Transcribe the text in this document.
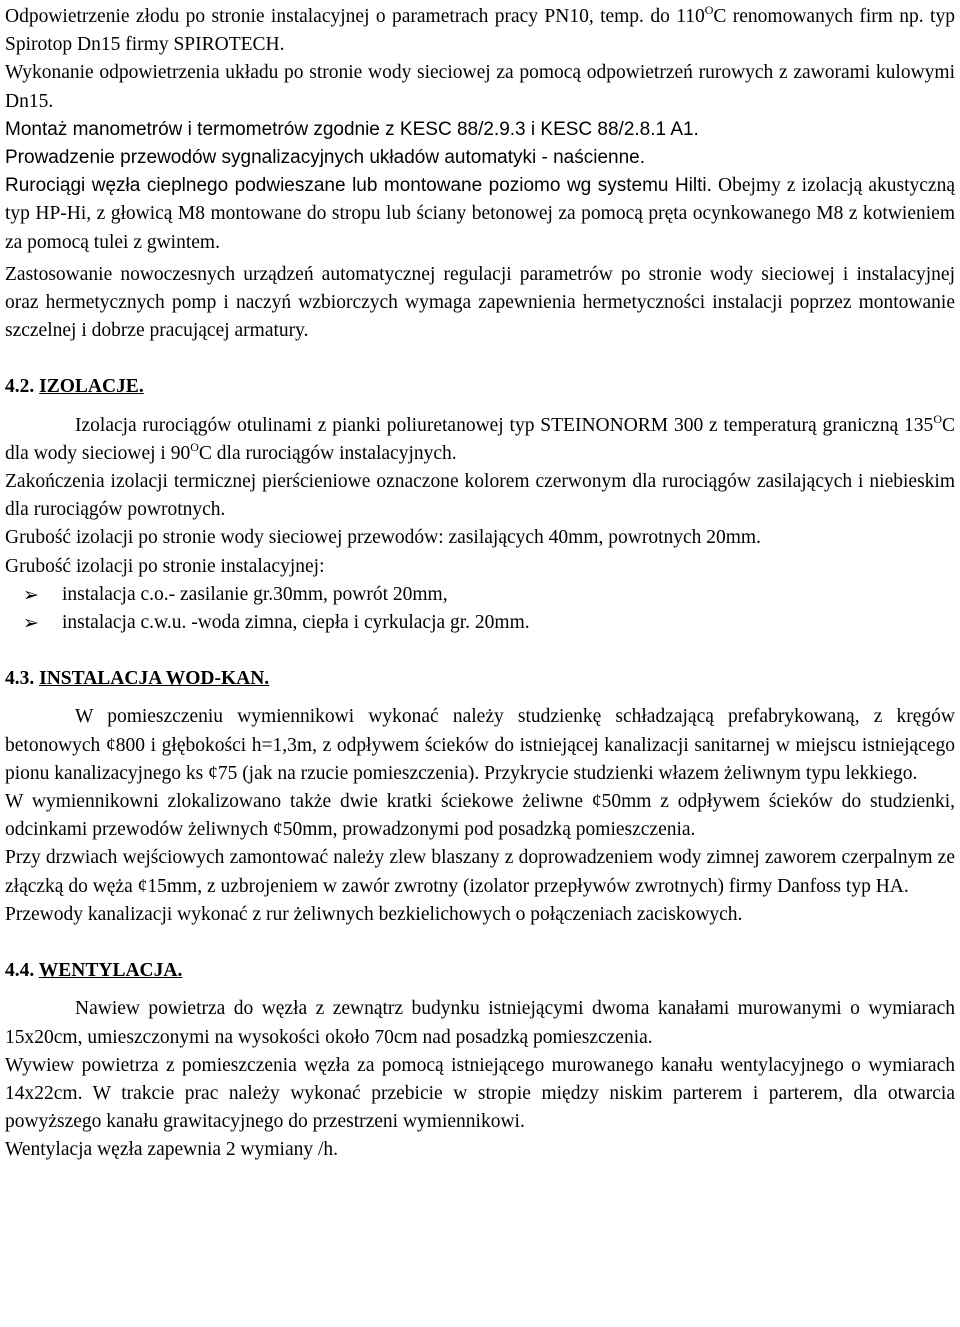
Odpowietrzenie złodu po stronie instalacyjnej o parametrach pracy PN10, temp. do $110^OC$ renomowanych firm np. typ Spirotop Dn15 firmy SPIROTECH.

Wykonanie odpowietrzenia układu po stronie wody sieciowej za pomocą odpowietrzeń rurowych z zaworami kulowymi Dn15.

Montaż manometrów i termometrów zgodnie z KESC 88/2.9.3 i KESC 88/2.8.1 A1.

Prowadzenie przewodów sygnalizacyjnych układów automatyki - naścienne.

Rurociągi węzła cieplnego podwieszane lub montowane poziomo wg systemu Hilti. Obejmy z izolacją akustyczną typ HP-Hi, z głowicą M8 montowane do stropu lub ściany betonowej za pomocą pręta ocynkowanego M8 z kotwieniem za pomocą tulei z gwintem.

Zastosowanie nowoczesnych urządzeń automatycznej regulacji parametrów po stronie wody sieciowej i instalacyjnej oraz hermetycznych pomp i naczyń wzbiorczych wymaga zapewnienia hermetyczności instalacji poprzez montowanie szczelnej i dobrze pracującej armatury.

4.2. IZOLACJE.

Izolacja rurociągów otulinami z pianki poliuretanowej typ STEINONORM 300 z temperaturą graniczną $135^OC$ dla wody sieciowej i $90^OC$ dla rurociągów instalacyjnych.

Zakończenia izolacji termicznej pierścieniowe oznaczone kolorem czerwonym dla rurociągów zasilających i niebieskim dla rurociągów powrotnych.

Grubość izolacji po stronie wody sieciowej przewodów: zasilających 40mm, powrotnych 20mm.

Grubość izolacji po stronie instalacyjnej:

➢ instalacja c.o.- zasilanie gr.30mm, powrót 20mm,
➢ instalacja c.w.u. -woda zimna, ciepła i cyrkulacja gr. 20mm.
4.3. INSTALACJA WOD-KAN.

W pomieszczeniu wymiennikowi wykonać należy studzienkę schładzającą prefabrykowaną, z kręgów betonowych ¢800 i głębokości h=1,3m, z odpływem ścieków do istniejącej kanalizacji sanitarnej w miejscu istniejącego pionu kanalizacyjnego ks ¢75 (jak na rzucie pomieszczenia). Przykrycie studzienki włazem żeliwnym typu lekkiego.

W wymiennikowni zlokalizowano także dwie kratki ściekowe żeliwne ¢50mm z odpływem ścieków do studzienki, odcinkami przewodów żeliwnych ¢50mm, prowadzonymi pod posadzką pomieszczenia.

Przy drzwiach wejściowych zamontować należy zlew blaszany z doprowadzeniem wody zimnej zaworem czerpalnym ze złączką do węża ¢15mm, z uzbrojeniem w zawór zwrotny (izolator przepływów zwrotnych) firmy Danfoss typ HA.

Przewody kanalizacji wykonać z rur żeliwnych bezkielichowych o połączeniach zaciskowych.

4.4. WENTYLACJA.

Nawiew powietrza do węzła z zewnątrz budynku istniejącymi dwoma kanałami murowanymi o wymiarach 15x20cm, umieszczonymi na wysokości około 70cm nad posadzką pomieszczenia.

Wywiew powietrza z pomieszczenia węzła za pomocą istniejącego murowanego kanału wentylacyjnego o wymiarach 14x22cm. W trakcie prac należy wykonać przebicie w stropie między niskim parterem i parterem, dla otwarcia powyższego kanału grawitacyjnego do przestrzeni wymiennikowi.

Wentylacja węzła zapewnia 2 wymiany /h.
